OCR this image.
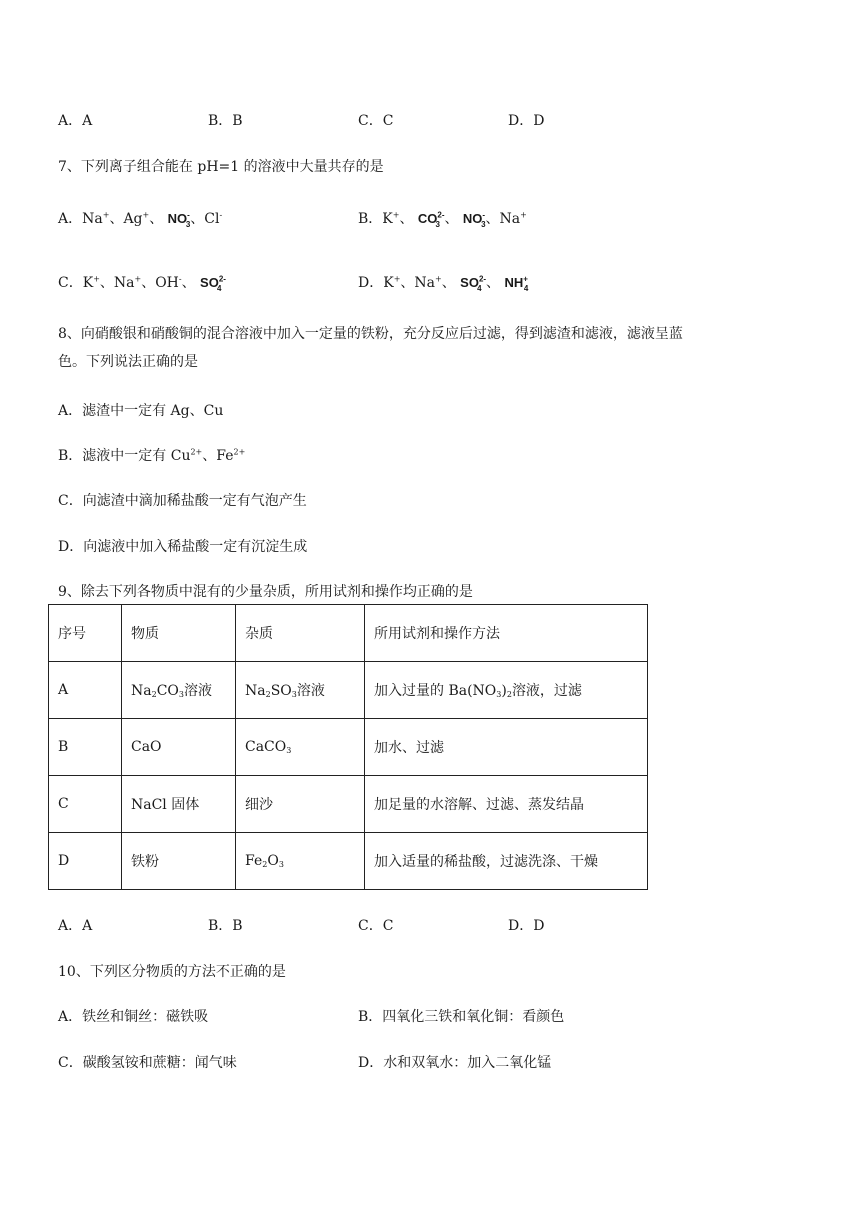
A．A	B．B	C．C	D．D
7、下列离子组合能在 pH=1 的溶液中大量共存的是
A．Na+、Ag+、 $NO^-_3$、Cl-	B．K+、 $CO^{2-}_3$ 、 $NO^-_3$、Na+
C．K+、Na+、OH-、 $SO^{2-}_4$	D．K+、Na+、 $SO^{2-}_4$ 、 $NH^+_4$
8、向硝酸银和硝酸铜的混合溶液中加入一定量的铁粉，充分反应后过滤，得到滤渣和滤液，滤液呈蓝
色。下列说法正确的是
A．滤渣中一定有 Ag、Cu
B．滤液中一定有 $Cu^{2+}$、$Fe^{2+}$
C．向滤渣中滴加稀盐酸一定有气泡产生
D．向滤液中加入稀盐酸一定有沉淀生成
9、除去下列各物质中混有的少量杂质，所用试剂和操作均正确的是
序号	物质	杂质	所用试剂和操作方法
A	Na2CO3溶液	Na2SO3溶液	加入过量的 Ba(NO3)2溶液，过滤
B	CaO	CaCO3	加水、过滤
C	NaCl 固体	细沙	加足量的水溶解、过滤、蒸发结晶
D	铁粉	Fe2O3	加入适量的稀盐酸，过滤洗涤、干燥
A．A	B．B	C．C	D．D
10、下列区分物质的方法不正确的是
A．铁丝和铜丝：磁铁吸	B．四氧化三铁和氧化铜：看颜色
C．碳酸氢铵和蔗糖：闻气味	D．水和双氧水：加入二氧化锰
